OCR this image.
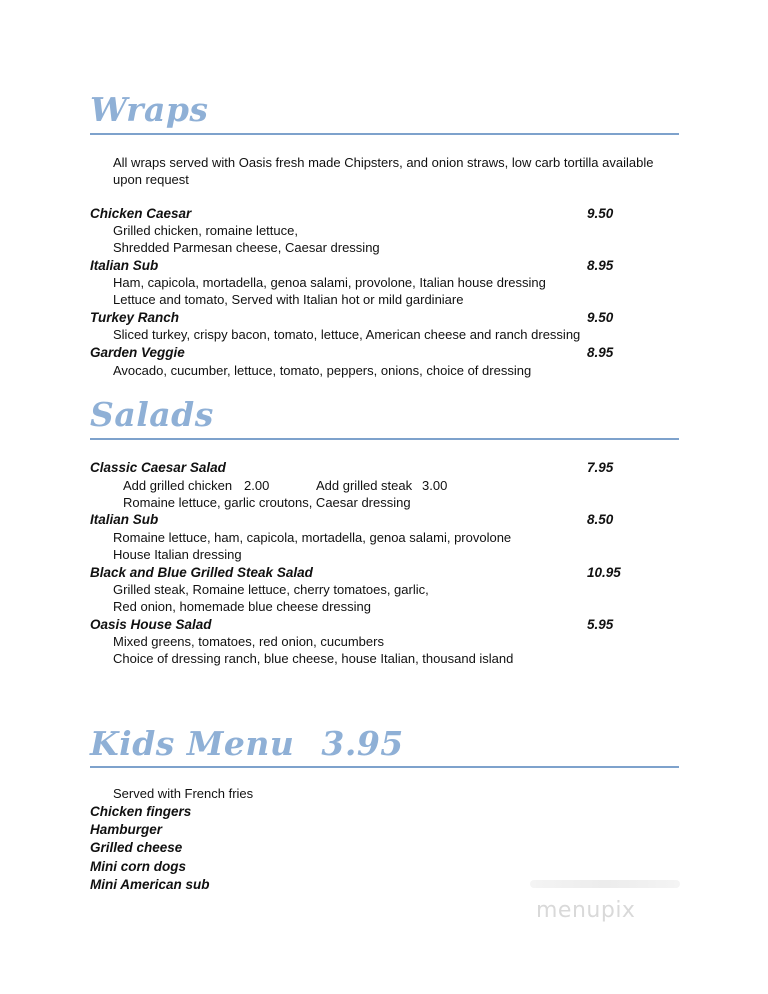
Wraps
All wraps served with Oasis fresh made Chipsters, and onion straws, low carb tortilla available upon request
Chicken Caesar	9.50
Grilled chicken, romaine lettuce,
Shredded Parmesan cheese, Caesar dressing
Italian Sub	8.95
Ham, capicola, mortadella, genoa salami, provolone, Italian house dressing
Lettuce and tomato, Served with Italian hot or mild gardiniare
Turkey Ranch	9.50
Sliced turkey, crispy bacon, tomato, lettuce, American cheese and ranch dressing
Garden Veggie	8.95
Avocado, cucumber, lettuce, tomato, peppers, onions, choice of dressing
Salads
Classic Caesar Salad	7.95
Add grilled chicken 2.00	Add grilled steak 3.00
Romaine lettuce, garlic croutons, Caesar dressing
Italian Sub	8.50
Romaine lettuce, ham, capicola, mortadella, genoa salami, provolone
House Italian dressing
Black and Blue Grilled Steak Salad	10.95
Grilled steak, Romaine lettuce, cherry tomatoes, garlic,
Red onion, homemade blue cheese dressing
Oasis House Salad	5.95
Mixed greens, tomatoes, red onion, cucumbers
Choice of dressing ranch, blue cheese, house Italian, thousand island
Kids Menu 3.95
Served with French fries
Chicken fingers
Hamburger
Grilled cheese
Mini corn dogs
Mini American sub
menupix
